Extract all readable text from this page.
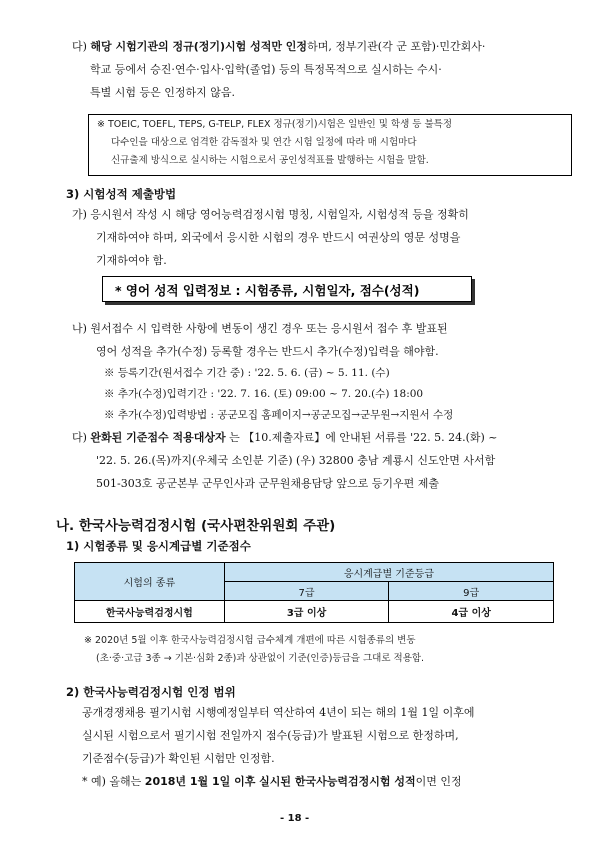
다) 해당 시험기관의 정규(정기)시험 성적만 인정하며, 정부기관(각 군 포함)·민간회사·
학교 등에서 승진·연수·입사·입학(졸업) 등의 특정목적으로 실시하는 수시·
특별 시험 등은 인정하지 않음.
※ TOEIC, TOEFL, TEPS, G-TELP, FLEX 정규(정기)시험은 일반인 및 학생 등 불특정
다수인을 대상으로 엄격한 감독절차 및 연간 시험 일정에 따라 매 시험마다
신규출제 방식으로 실시하는 시험으로서 공인성적표를 발행하는 시험을 말함.
3) 시험성적 제출방법
가) 응시원서 작성 시 해당 영어능력검정시험 명칭, 시험일자, 시험성적 등을 정확히
기재하여야 하며, 외국에서 응시한 시험의 경우 반드시 여권상의 영문 성명을
기재하여야 함.
* 영어 성적 입력정보 : 시험종류, 시험일자, 점수(성적)
나) 원서접수 시 입력한 사항에 변동이 생긴 경우 또는 응시원서 접수 후 발표된
영어 성적을 추가(수정) 등록할 경우는 반드시 추가(수정)입력을 해야함.
※ 등록기간(원서접수 기간 중) : '22. 5. 6. (금) ~ 5. 11. (수)
※ 추가(수정)입력기간 : '22. 7. 16. (토) 09:00 ~ 7. 20.(수) 18:00
※ 추가(수정)입력방법 : 공군모집 홈페이지→공군모집→군무원→지원서 수정
다) 완화된 기준점수 적용대상자 는 【10.제출자료】에 안내된 서류를 '22. 5. 24.(화) ~
'22. 5. 26.(목)까지(우체국 소인분 기준) (우) 32800 충남 계룡시 신도안면 사서함
501-303호 공군본부 군무인사과 군무원채용담당 앞으로 등기우편 제출
나. 한국사능력검정시험 (국사편찬위원회 주관)
1) 시험종류 및 응시계급별 기준점수
시험의 종류	응시계급별 기준등급	
	7급	9급
한국사능력검정시험	3급 이상	4급 이상
※ 2020년 5월 이후 한국사능력검정시험 급수체계 개편에 따른 시험종류의 변동
(초·중·고급 3종 → 기본·심화 2종)과 상관없이 기준(인증)등급을 그대로 적용함.
2) 한국사능력검정시험 인정 범위
공개경쟁채용 필기시험 시행예정일부터 역산하여 4년이 되는 해의 1월 1일 이후에
실시된 시험으로서 필기시험 전일까지 점수(등급)가 발표된 시험으로 한정하며,
기준점수(등급)가 확인된 시험만 인정함.
* 예) 올해는 2018년 1월 1일 이후 실시된 한국사능력검정시험 성적이면 인정
- 18 -
